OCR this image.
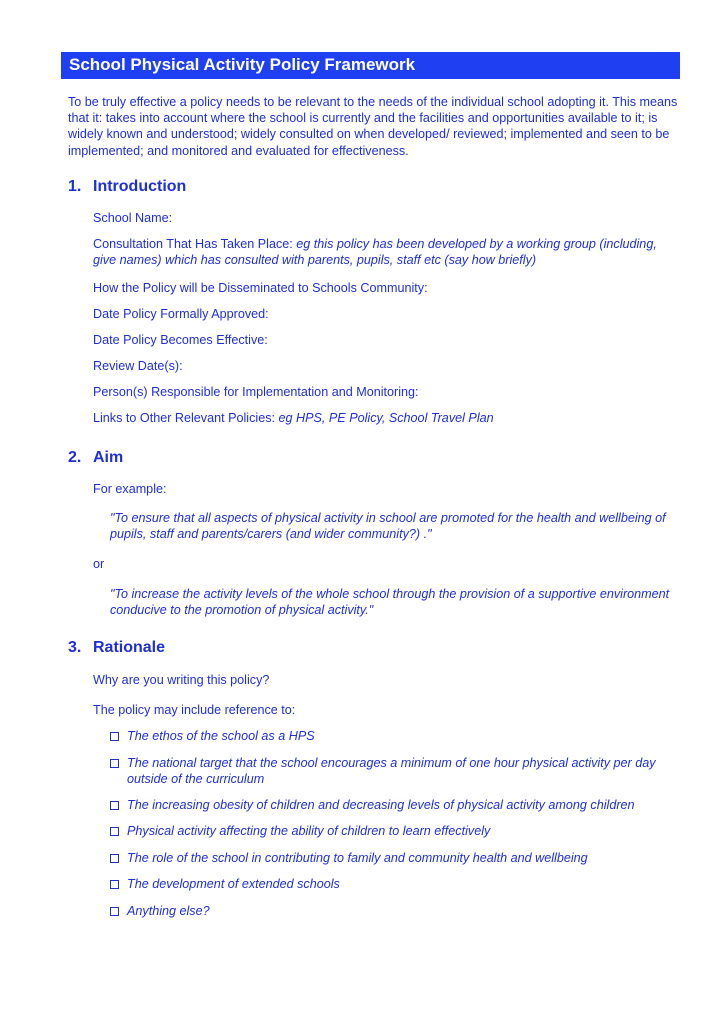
School Physical Activity Policy Framework

To be truly effective a policy needs to be relevant to the needs of the individual school adopting it. This means that it: takes into account where the school is currently and the facilities and opportunities available to it; is widely known and understood; widely consulted on when developed/ reviewed; implemented and seen to be implemented; and monitored and evaluated for effectiveness.

1. Introduction

School Name:

Consultation That Has Taken Place: eg this policy has been developed by a working group (including, give names) which has consulted with parents, pupils, staff etc (say how briefly)

How the Policy will be Disseminated to Schools Community:

Date Policy Formally Approved:

Date Policy Becomes Effective:

Review Date(s):

Person(s) Responsible for Implementation and Monitoring:

Links to Other Relevant Policies: eg HPS, PE Policy, School Travel Plan

2. Aim

For example:

"To ensure that all aspects of physical activity in school are promoted for the health and wellbeing of pupils, staff and parents/carers (and wider community?) ."

or

"To increase the activity levels of the whole school through the provision of a supportive environment conducive to the promotion of physical activity."

3. Rationale

Why are you writing this policy?

The policy may include reference to:

The ethos of the school as a HPS
The national target that the school encourages a minimum of one hour physical activity per day outside of the curriculum
The increasing obesity of children and decreasing levels of physical activity among children
Physical activity affecting the ability of children to learn effectively
The role of the school in contributing to family and community health and wellbeing
The development of extended schools
Anything else?
